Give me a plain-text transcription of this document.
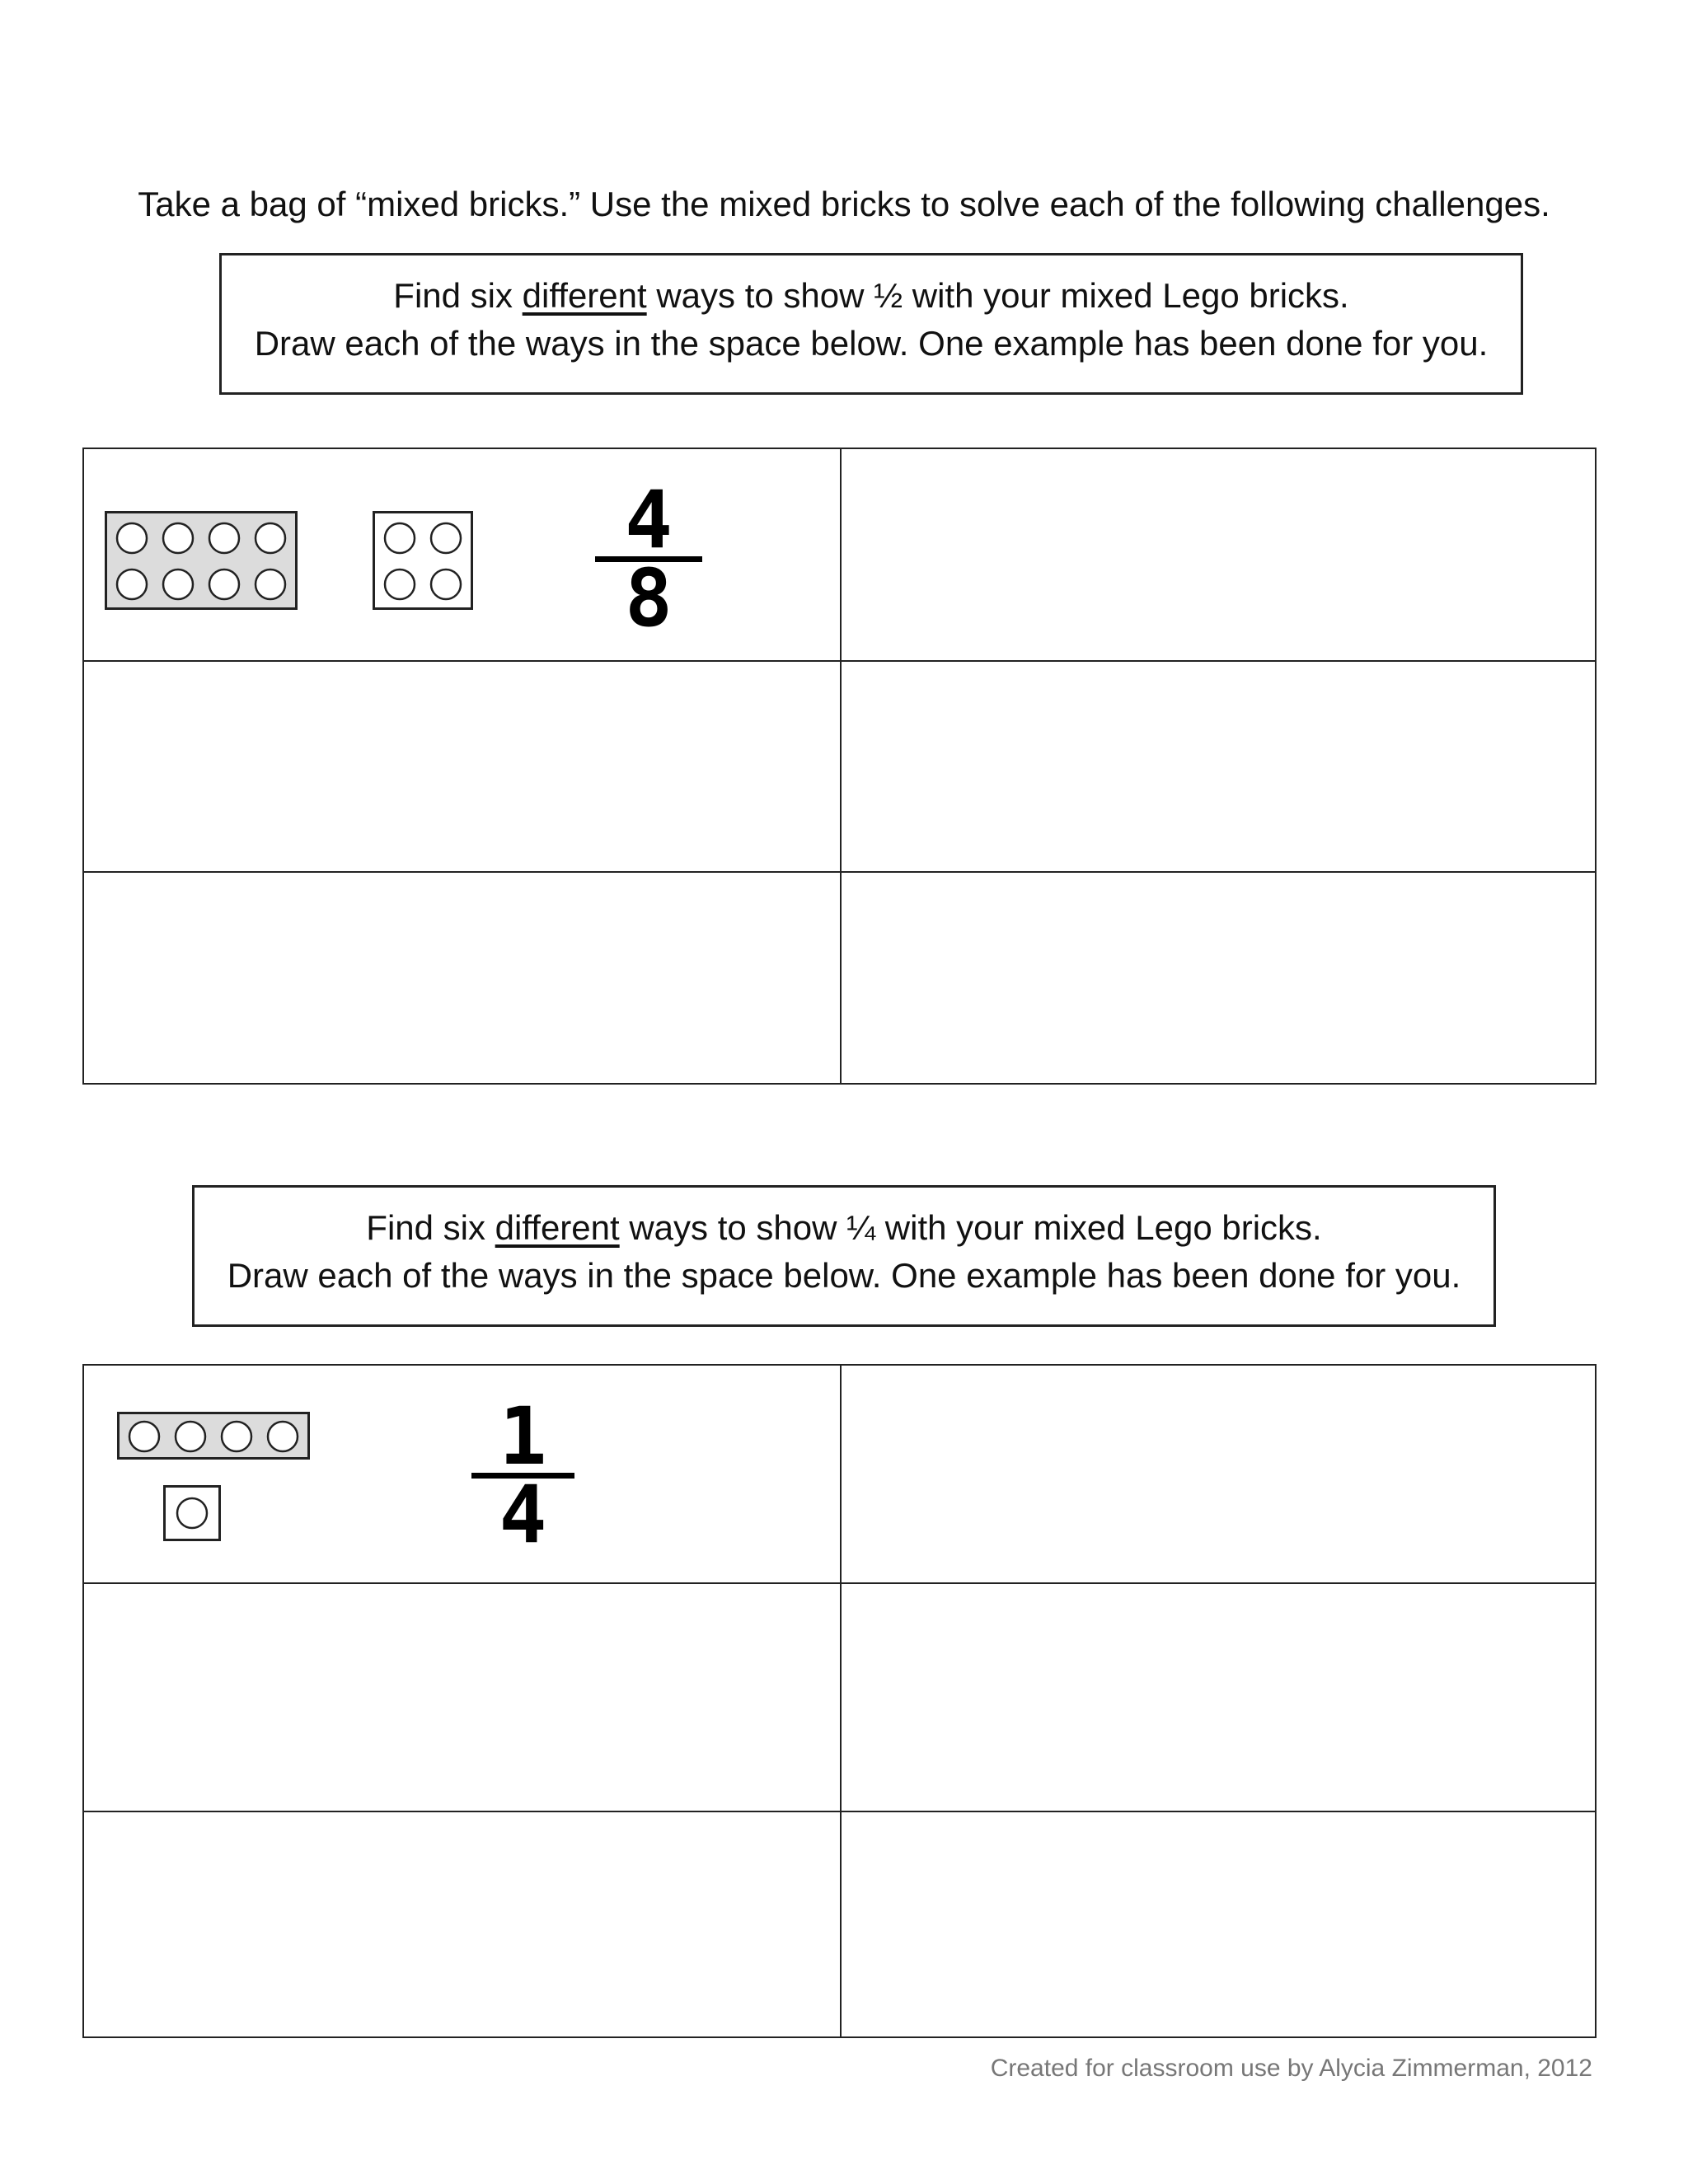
Take a bag of “mixed bricks.” Use the mixed bricks to solve each of the following challenges.
Find six different ways to show ½ with your mixed Lego bricks.
Draw each of the ways in the space below. One example has been done for you.
4
8
Find six different ways to show ¼ with your mixed Lego bricks.
Draw each of the ways in the space below. One example has been done for you.
1
4
Created for classroom use by Alycia Zimmerman, 2012
